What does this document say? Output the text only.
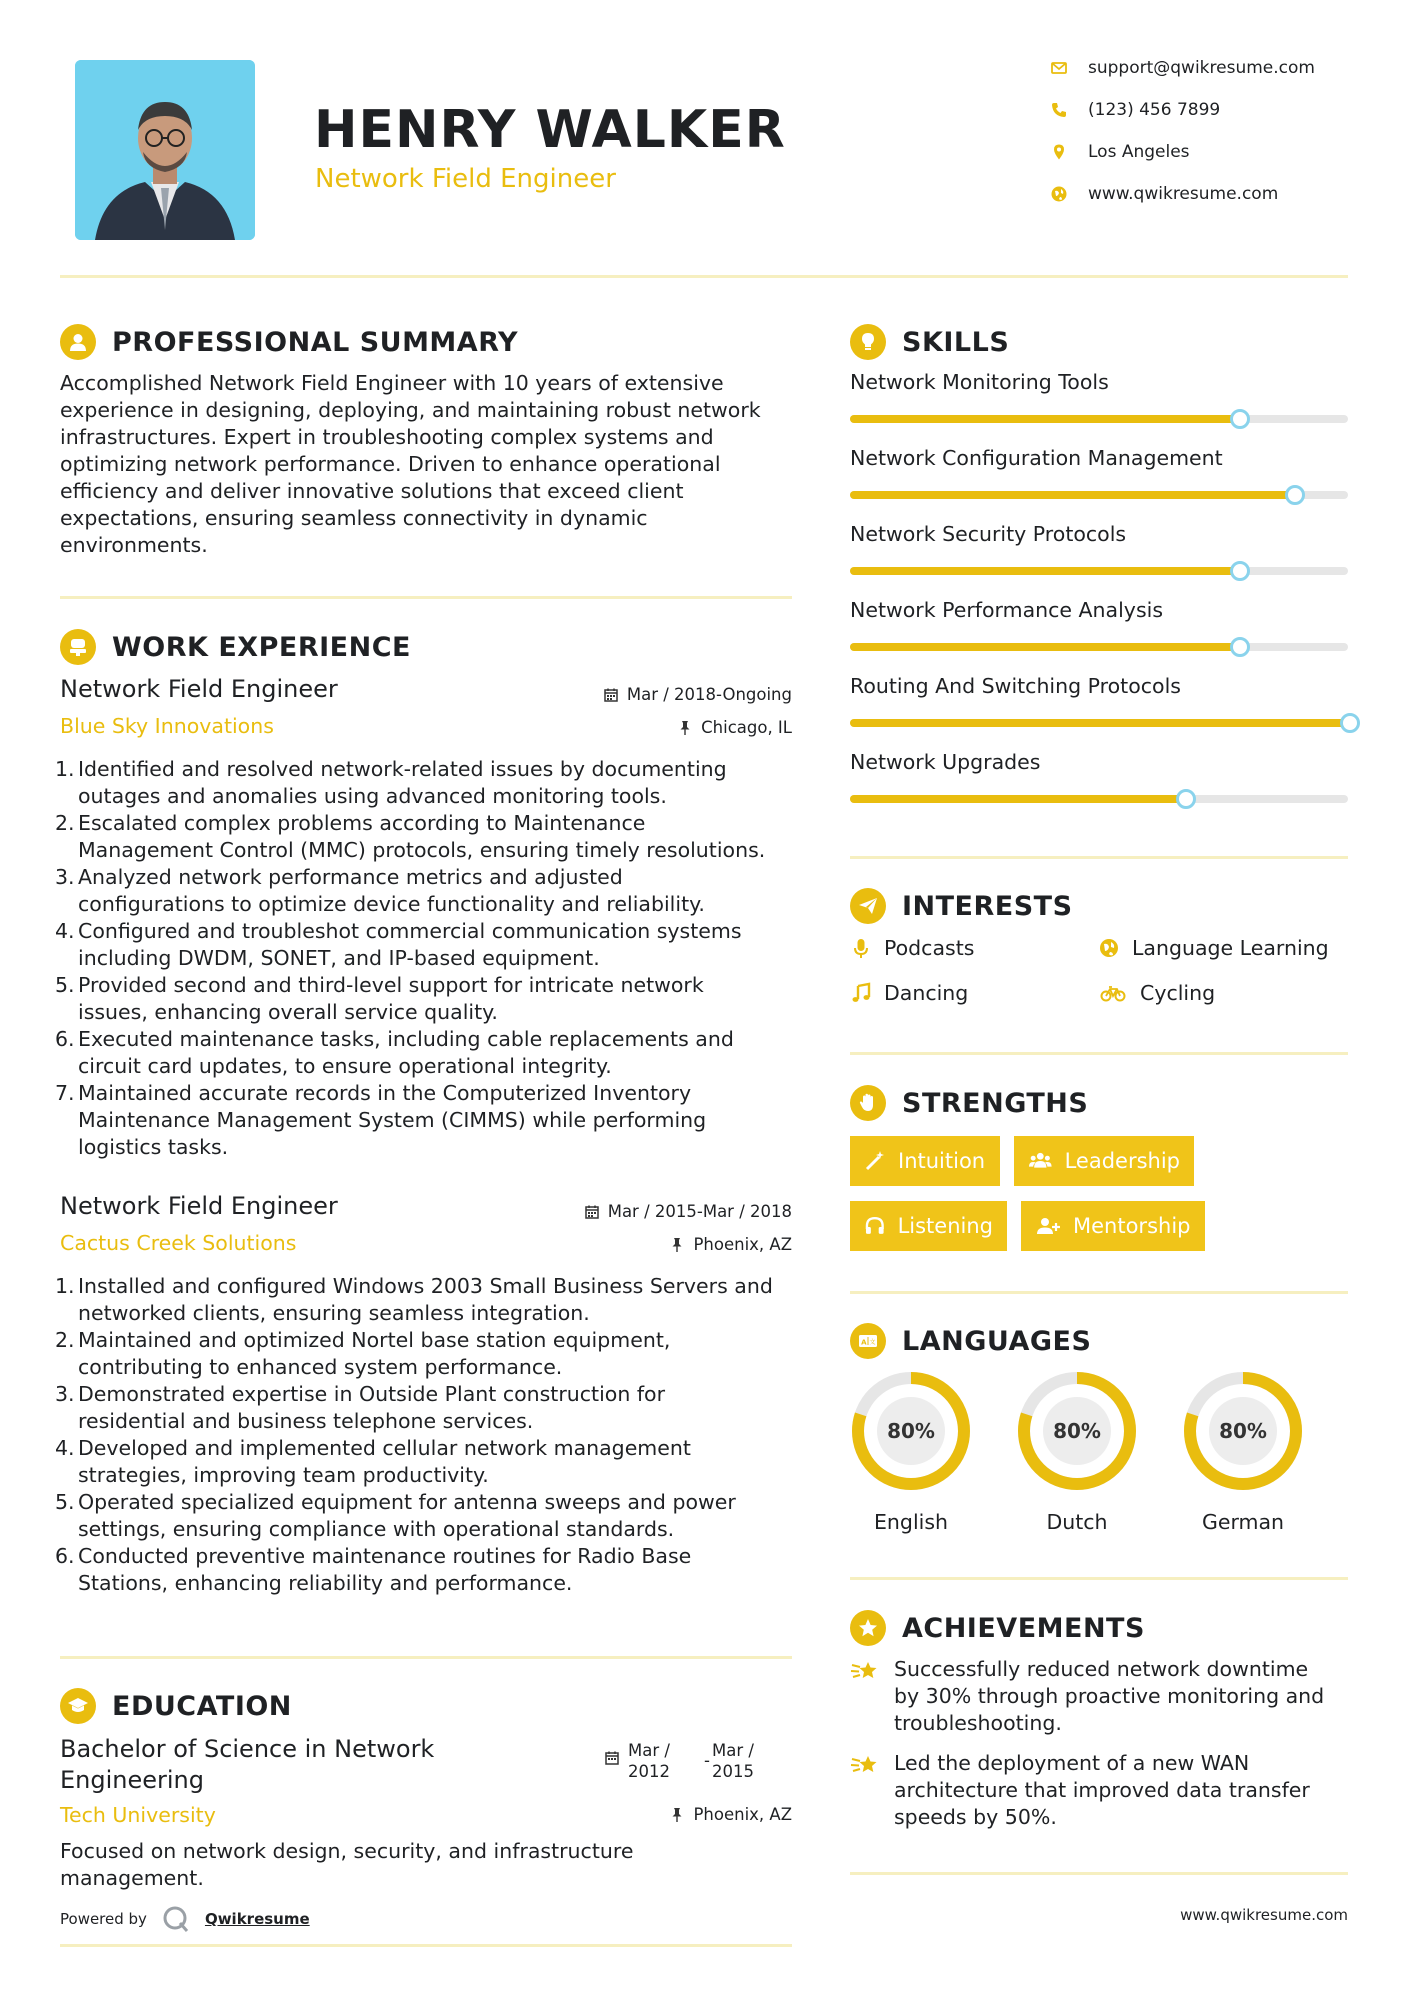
HENRY WALKER
Network Field Engineer
support@qwikresume.com
(123) 456 7899
Los Angeles
www.qwikresume.com
PROFESSIONAL SUMMARY
Accomplished Network Field Engineer with 10 years of extensive
experience in designing, deploying, and maintaining robust network
infrastructures. Expert in troubleshooting complex systems and
optimizing network performance. Driven to enhance operational
efficiency and deliver innovative solutions that exceed client
expectations, ensuring seamless connectivity in dynamic
environments.
WORK EXPERIENCE
Network Field Engineer	Mar / 2018-Ongoing
Blue Sky Innovations	Chicago, IL
1. Identified and resolved network-related issues by documenting
outages and anomalies using advanced monitoring tools.
2. Escalated complex problems according to Maintenance
Management Control (MMC) protocols, ensuring timely resolutions.
3. Analyzed network performance metrics and adjusted
configurations to optimize device functionality and reliability.
4. Configured and troubleshot commercial communication systems
including DWDM, SONET, and IP-based equipment.
5. Provided second and third-level support for intricate network
issues, enhancing overall service quality.
6. Executed maintenance tasks, including cable replacements and
circuit card updates, to ensure operational integrity.
7. Maintained accurate records in the Computerized Inventory
Maintenance Management System (CIMMS) while performing
logistics tasks.
Network Field Engineer	Mar / 2015-Mar / 2018
Cactus Creek Solutions	Phoenix, AZ
1. Installed and configured Windows 2003 Small Business Servers and
networked clients, ensuring seamless integration.
2. Maintained and optimized Nortel base station equipment,
contributing to enhanced system performance.
3. Demonstrated expertise in Outside Plant construction for
residential and business telephone services.
4. Developed and implemented cellular network management
strategies, improving team productivity.
5. Operated specialized equipment for antenna sweeps and power
settings, ensuring compliance with operational standards.
6. Conducted preventive maintenance routines for Radio Base
Stations, enhancing reliability and performance.
EDUCATION
Bachelor of Science in Network
Engineering
Mar /
2012
-
Mar /
2015
Tech University	Phoenix, AZ
Focused on network design, security, and infrastructure
management.
SKILLS
Network Monitoring Tools
Network Configuration Management
Network Security Protocols
Network Performance Analysis
Routing And Switching Protocols
Network Upgrades
INTERESTS
Podcasts	Language Learning
Dancing	Cycling
STRENGTHS
Intuition	Leadership
Listening	Mentorship
A 文 LANGUAGES
80%
English
80%
Dutch
80%
German
ACHIEVEMENTS
Successfully reduced network downtime
by 30% through proactive monitoring and
troubleshooting.
Led the deployment of a new WAN
architecture that improved data transfer
speeds by 50%.
Powered by	Qwikresume	www.qwikresume.com
